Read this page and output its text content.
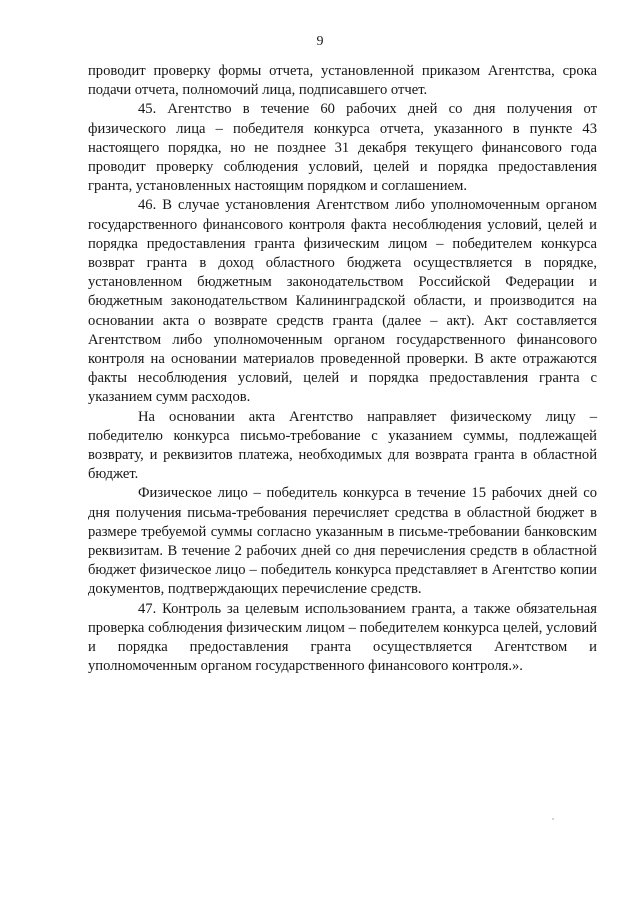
9

проводит проверку формы отчета, установленной приказом Агентства, срока подачи отчета, полномочий лица, подписавшего отчет.

45. Агентство в течение 60 рабочих дней со дня получения от физического лица – победителя конкурса отчета, указанного в пункте 43 настоящего порядка, но не позднее 31 декабря текущего финансового года проводит проверку соблюдения условий, целей и порядка предоставления гранта, установленных настоящим порядком и соглашением.

46. В случае установления Агентством либо уполномоченным органом государственного финансового контроля факта несоблюдения условий, целей и порядка предоставления гранта физическим лицом – победителем конкурса возврат гранта в доход областного бюджета осуществляется в порядке, установленном бюджетным законодательством Российской Федерации и бюджетным законодательством Калининградской области, и производится на основании акта о возврате средств гранта (далее – акт). Акт составляется Агентством либо уполномоченным органом государственного финансового контроля на основании материалов проведенной проверки. В акте отражаются факты несоблюдения условий, целей и порядка предоставления гранта с указанием сумм расходов.

На основании акта Агентство направляет физическому лицу – победителю конкурса письмо-требование с указанием суммы, подлежащей возврату, и реквизитов платежа, необходимых для возврата гранта в областной бюджет.

Физическое лицо – победитель конкурса в течение 15 рабочих дней со дня получения письма-требования перечисляет средства в областной бюджет в размере требуемой суммы согласно указанным в письме-требовании банковским реквизитам. В течение 2 рабочих дней со дня перечисления средств в областной бюджет физическое лицо – победитель конкурса представляет в Агентство копии документов, подтверждающих перечисление средств.

47. Контроль за целевым использованием гранта, а также обязательная проверка соблюдения физическим лицом – победителем конкурса целей, условий и порядка предоставления гранта осуществляется Агентством и уполномоченным органом государственного финансового контроля.».
